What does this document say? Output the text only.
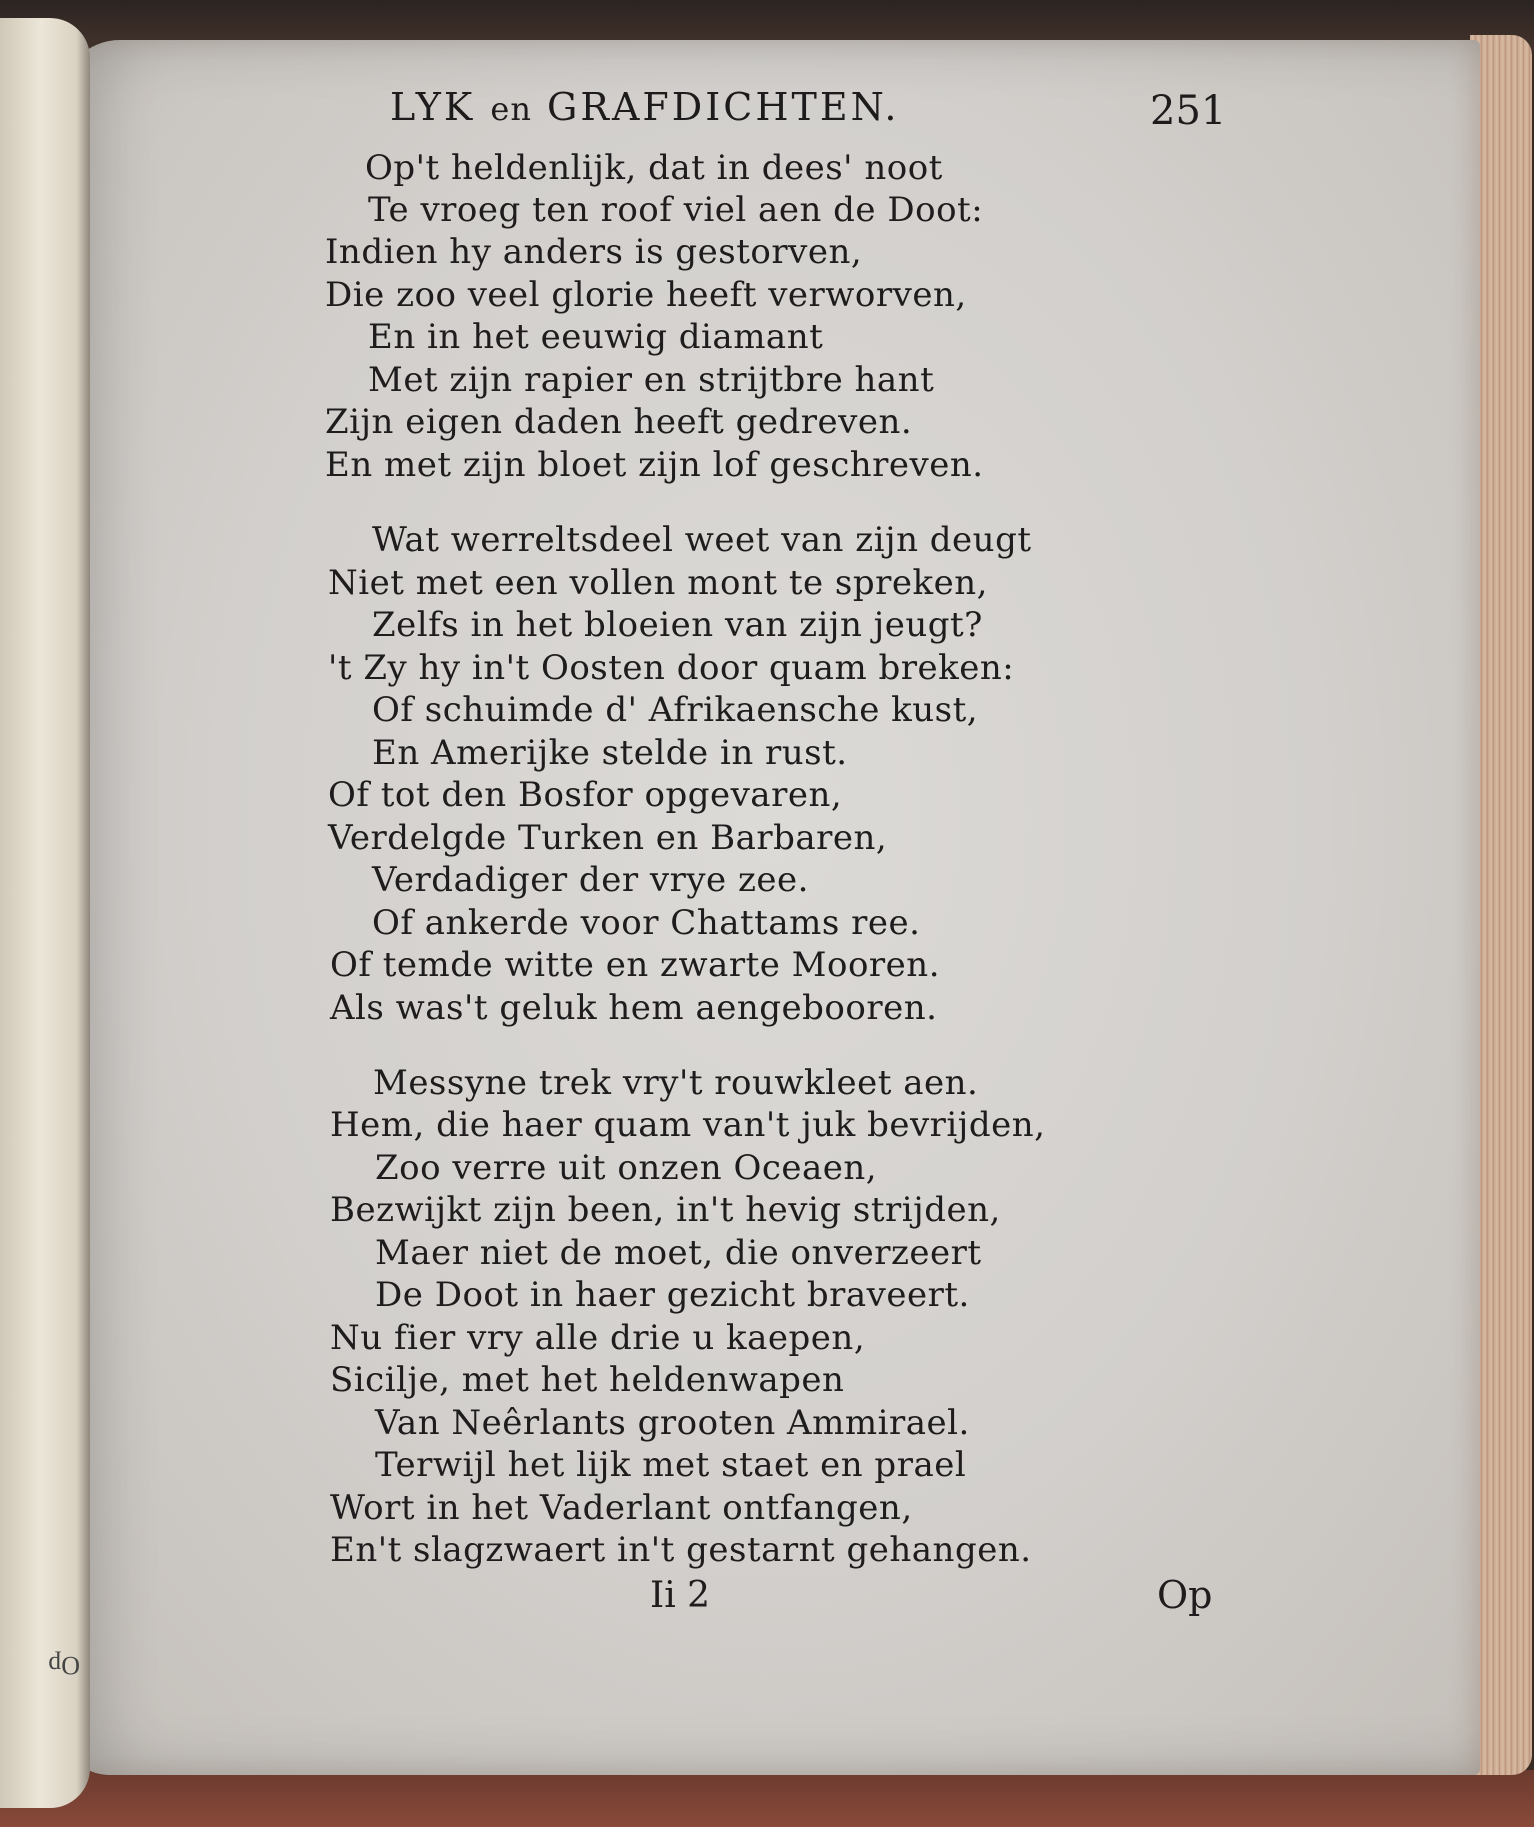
Op
LYK en GRAFDICHTEN.	251
Op't heldenlijk, dat in dees' noot
Te vroeg ten roof viel aen de Doot:
Indien hy anders is gestorven,
Die zoo veel glorie heeft verworven,
En in het eeuwig diamant
Met zijn rapier en strijtbre hant
Zijn eigen daden heeft gedreven.
En met zijn bloet zijn lof geschreven.
Wat werreltsdeel weet van zijn deugt
Niet met een vollen mont te spreken,
Zelfs in het bloeien van zijn jeugt?
't Zy hy in't Oosten door quam breken:
Of schuimde d' Afrikaensche kust,
En Amerijke stelde in rust.
Of tot den Bosfor opgevaren,
Verdelgde Turken en Barbaren,
Verdadiger der vrye zee.
Of ankerde voor Chattams ree.
Of temde witte en zwarte Mooren.
Als was't geluk hem aengebooren.
Messyne trek vry't rouwkleet aen.
Hem, die haer quam van't juk bevrijden,
Zoo verre uit onzen Oceaen,
Bezwijkt zijn been, in't hevig strijden,
Maer niet de moet, die onverzeert
De Doot in haer gezicht braveert.
Nu fier vry alle drie u kaepen,
Sicilje, met het heldenwapen
Van Neêrlants grooten Ammirael.
Terwijl het lijk met staet en prael
Wort in het Vaderlant ontfangen,
En't slagzwaert in't gestarnt gehangen.
Ii 2	Op
